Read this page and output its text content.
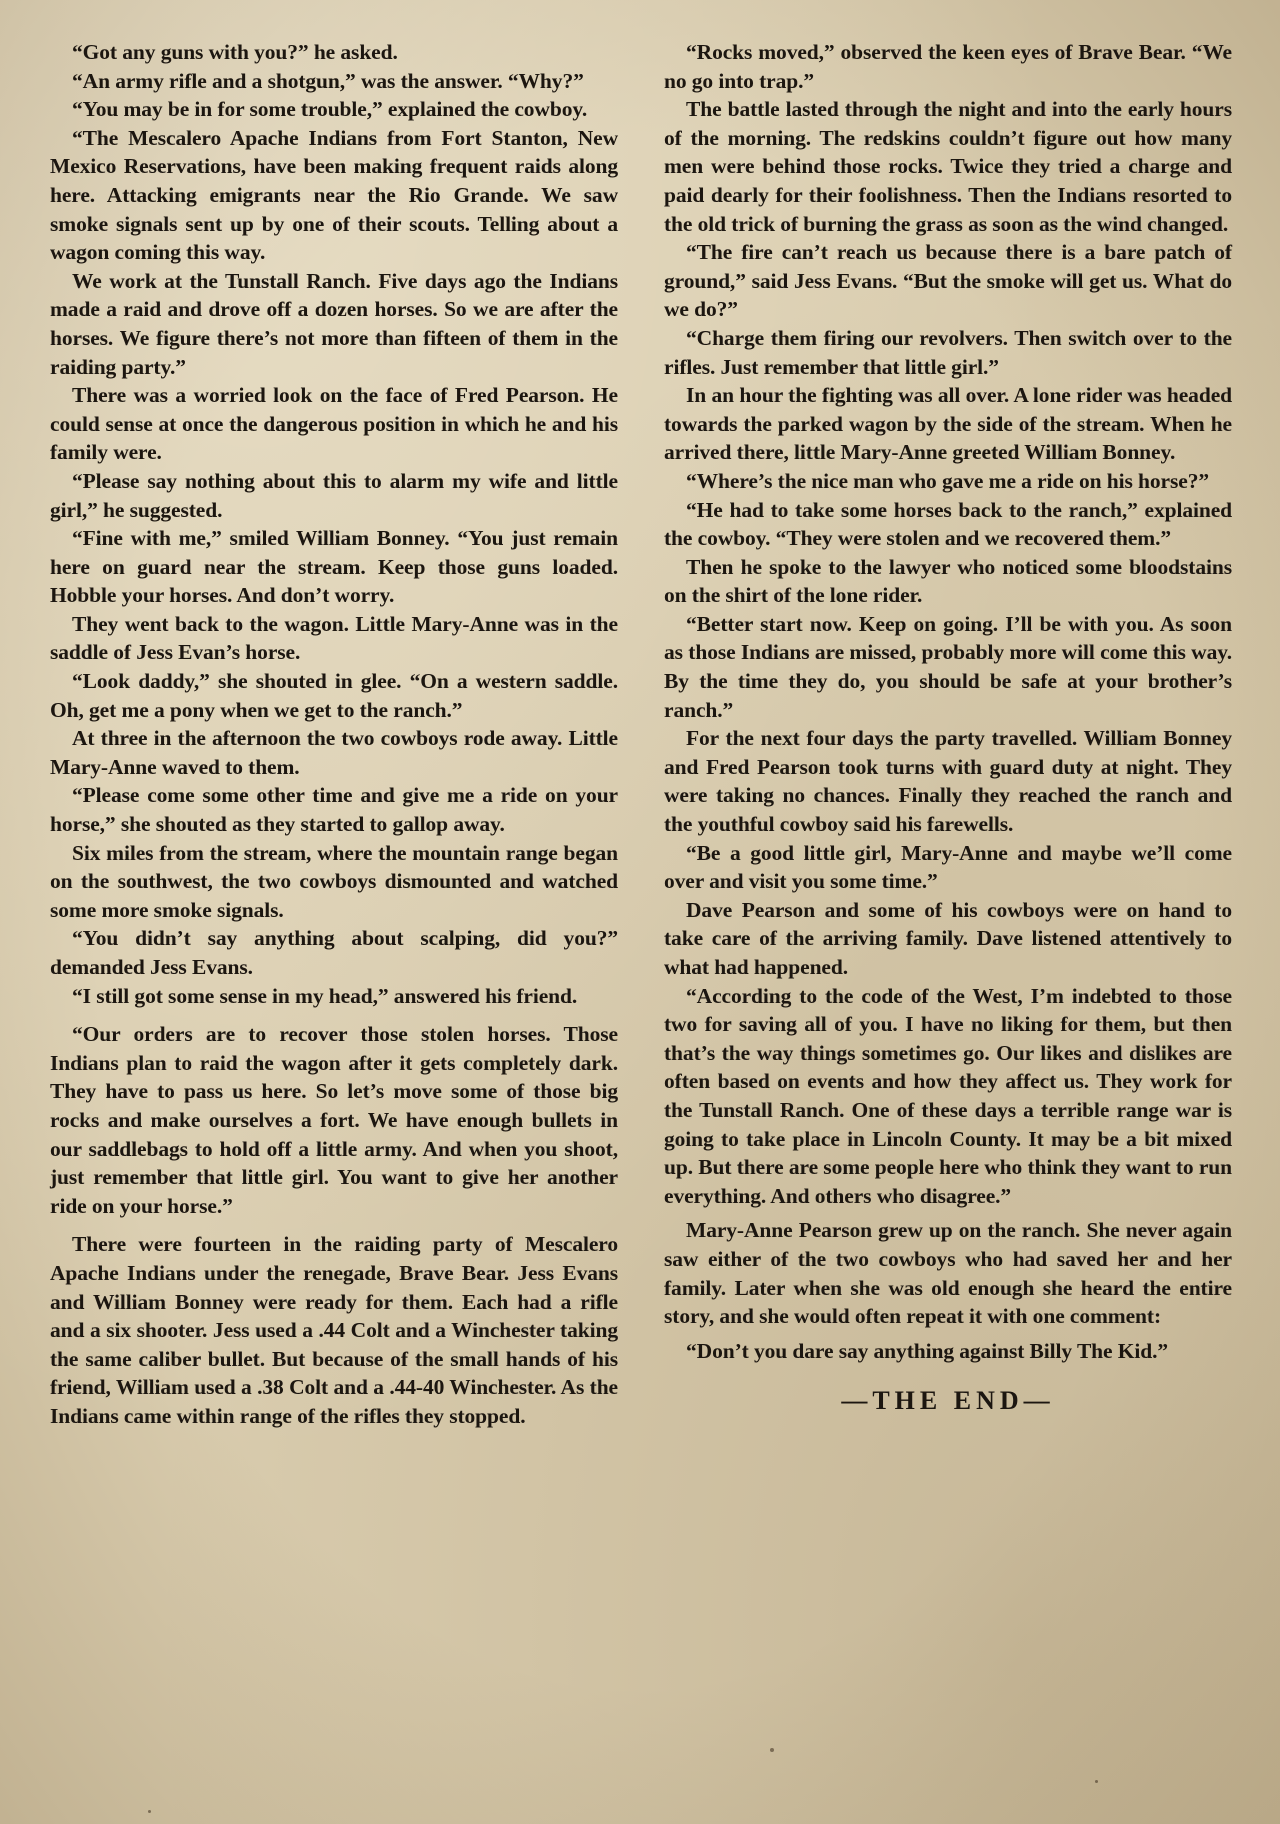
“Got any guns with you?” he asked.

“An army rifle and a shotgun,” was the answer. “Why?”

“You may be in for some trouble,” explained the cowboy.

“The Mescalero Apache Indians from Fort Stanton, New Mexico Reservations, have been making frequent raids along here. Attacking emigrants near the Rio Grande. We saw smoke signals sent up by one of their scouts. Telling about a wagon coming this way.

We work at the Tunstall Ranch. Five days ago the Indians made a raid and drove off a dozen horses. So we are after the horses. We figure there’s not more than fifteen of them in the raiding party.”

There was a worried look on the face of Fred Pearson. He could sense at once the dangerous position in which he and his family were.

“Please say nothing about this to alarm my wife and little girl,” he suggested.

“Fine with me,” smiled William Bonney. “You just remain here on guard near the stream. Keep those guns loaded. Hobble your horses. And don’t worry.

They went back to the wagon. Little Mary-Anne was in the saddle of Jess Evan’s horse.

“Look daddy,” she shouted in glee. “On a western saddle. Oh, get me a pony when we get to the ranch.”

At three in the afternoon the two cowboys rode away. Little Mary-Anne waved to them.

“Please come some other time and give me a ride on your horse,” she shouted as they started to gallop away.

Six miles from the stream, where the mountain range began on the southwest, the two cowboys dismounted and watched some more smoke signals.

“You didn’t say anything about scalping, did you?” demanded Jess Evans.

“I still got some sense in my head,” answered his friend.

“Our orders are to recover those stolen horses. Those Indians plan to raid the wagon after it gets completely dark. They have to pass us here. So let’s move some of those big rocks and make ourselves a fort. We have enough bullets in our saddlebags to hold off a little army. And when you shoot, just remember that little girl. You want to give her another ride on your horse.”

There were fourteen in the raiding party of Mescalero Apache Indians under the renegade, Brave Bear. Jess Evans and William Bonney were ready for them. Each had a rifle and a six shooter. Jess used a .44 Colt and a Winchester taking the same caliber bullet. But because of the small hands of his friend, William used a .38 Colt and a .44-40 Winchester. As the Indians came within range of the rifles they stopped.

“Rocks moved,” observed the keen eyes of Brave Bear. “We no go into trap.”

The battle lasted through the night and into the early hours of the morning. The redskins couldn’t figure out how many men were behind those rocks. Twice they tried a charge and paid dearly for their foolishness. Then the Indians resorted to the old trick of burning the grass as soon as the wind changed.

“The fire can’t reach us because there is a bare patch of ground,” said Jess Evans. “But the smoke will get us. What do we do?”

“Charge them firing our revolvers. Then switch over to the rifles. Just remember that little girl.”

In an hour the fighting was all over. A lone rider was headed towards the parked wagon by the side of the stream. When he arrived there, little Mary-Anne greeted William Bonney.

“Where’s the nice man who gave me a ride on his horse?”

“He had to take some horses back to the ranch,” explained the cowboy. “They were stolen and we recovered them.”

Then he spoke to the lawyer who noticed some bloodstains on the shirt of the lone rider.

“Better start now. Keep on going. I’ll be with you. As soon as those Indians are missed, probably more will come this way. By the time they do, you should be safe at your brother’s ranch.”

For the next four days the party travelled. William Bonney and Fred Pearson took turns with guard duty at night. They were taking no chances. Finally they reached the ranch and the youthful cowboy said his farewells.

“Be a good little girl, Mary-Anne and maybe we’ll come over and visit you some time.”

Dave Pearson and some of his cowboys were on hand to take care of the arriving family. Dave listened attentively to what had happened.

“According to the code of the West, I’m indebted to those two for saving all of you. I have no liking for them, but then that’s the way things sometimes go. Our likes and dislikes are often based on events and how they affect us. They work for the Tunstall Ranch. One of these days a terrible range war is going to take place in Lincoln County. It may be a bit mixed up. But there are some people here who think they want to run everything. And others who disagree.”

Mary-Anne Pearson grew up on the ranch. She never again saw either of the two cowboys who had saved her and her family. Later when she was old enough she heard the entire story, and she would often repeat it with one comment:

“Don’t you dare say anything against Billy The Kid.”

—THE END—
